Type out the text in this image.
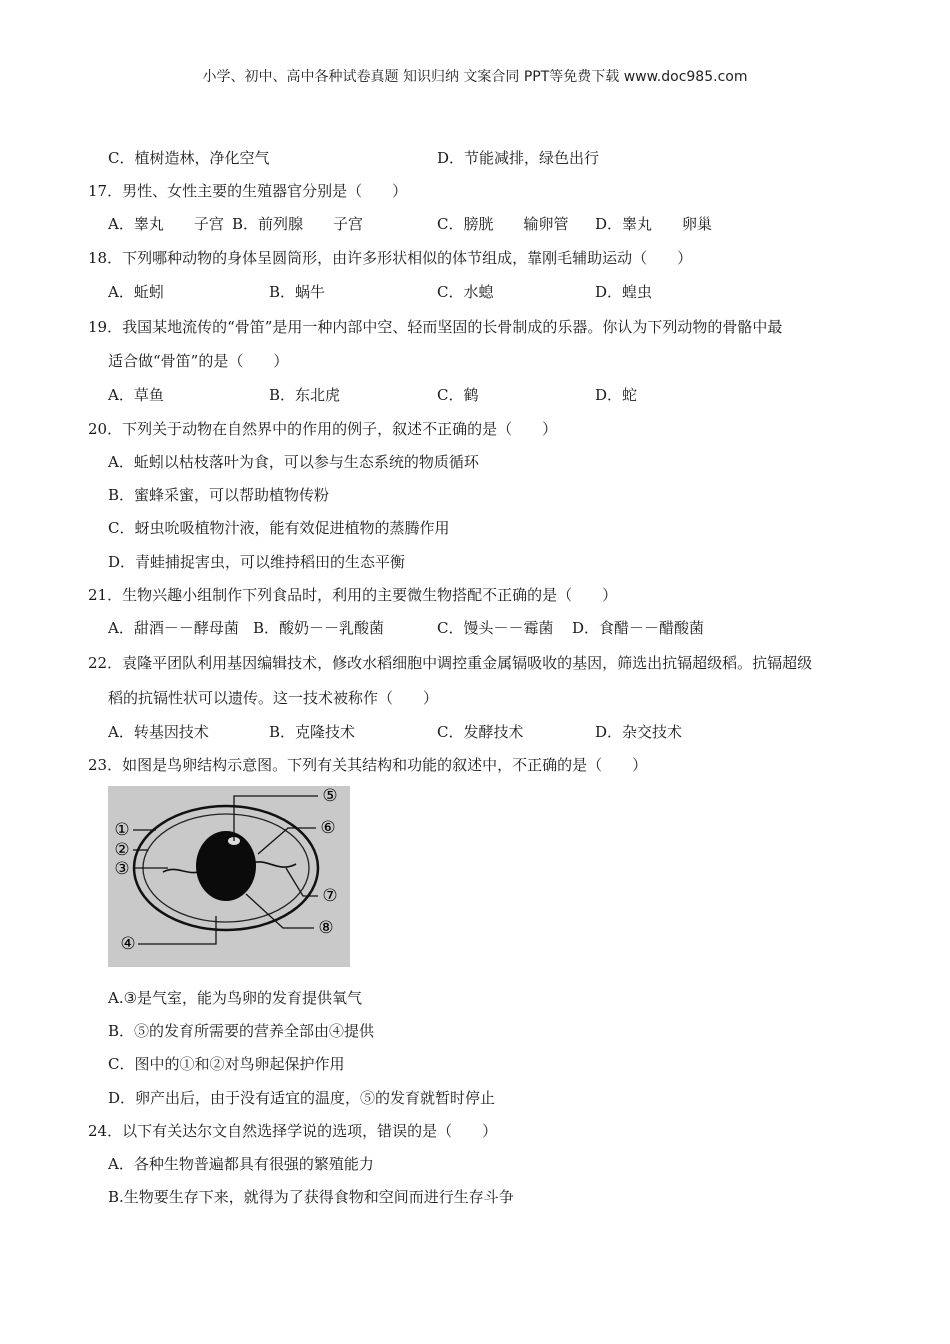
小学、初中、高中各种试卷真题 知识归纳 文案合同 PPT等免费下载 www.doc985.com
C．植树造林，净化空气	D．节能减排，绿色出行
17．男性、女性主要的生殖器官分别是（　　）
A．睾丸　　子宫 B．前列腺　　子宫	C．膀胱　　输卵管 D．睾丸　　卵巢
18．下列哪种动物的身体呈圆筒形，由许多形状相似的体节组成，靠刚毛辅助运动（　　）
A．蚯蚓	B．蜗牛	C．水螅	D．蝗虫
19．我国某地流传的“骨笛”是用一种内部中空、轻而坚固的长骨制成的乐器。你认为下列动物的骨骼中最
适合做“骨笛”的是（　　）
A．草鱼	B．东北虎	C．鹤	D．蛇
20．下列关于动物在自然界中的作用的例子，叙述不正确的是（　　）
A．蚯蚓以枯枝落叶为食，可以参与生态系统的物质循环
B．蜜蜂采蜜，可以帮助植物传粉
C．蚜虫吮吸植物汁液，能有效促进植物的蒸腾作用
D．青蛙捕捉害虫，可以维持稻田的生态平衡
21．生物兴趣小组制作下列食品时，利用的主要微生物搭配不正确的是（　　）
A．甜酒－－酵母菌 B．酸奶－－乳酸菌	C．馒头－－霉菌 D．食醋－－醋酸菌
22．袁隆平团队利用基因编辑技术，修改水稻细胞中调控重金属镉吸收的基因，筛选出抗镉超级稻。抗镉超级
稻的抗镉性状可以遗传。这一技术被称作（　　）
A．转基因技术	B．克隆技术	C．发酵技术	D．杂交技术
23．如图是鸟卵结构示意图。下列有关其结构和功能的叙述中，不正确的是（　　）
①
②
③
④
⑤
⑥
⑦
⑧
A.③是气室，能为鸟卵的发育提供氧气
B．⑤的发育所需要的营养全部由④提供
C．图中的①和②对鸟卵起保护作用
D．卵产出后，由于没有适宜的温度，⑤的发育就暂时停止
24．以下有关达尔文自然选择学说的选项，错误的是（　　）
A．各种生物普遍都具有很强的繁殖能力
B.生物要生存下来，就得为了获得食物和空间而进行生存斗争
